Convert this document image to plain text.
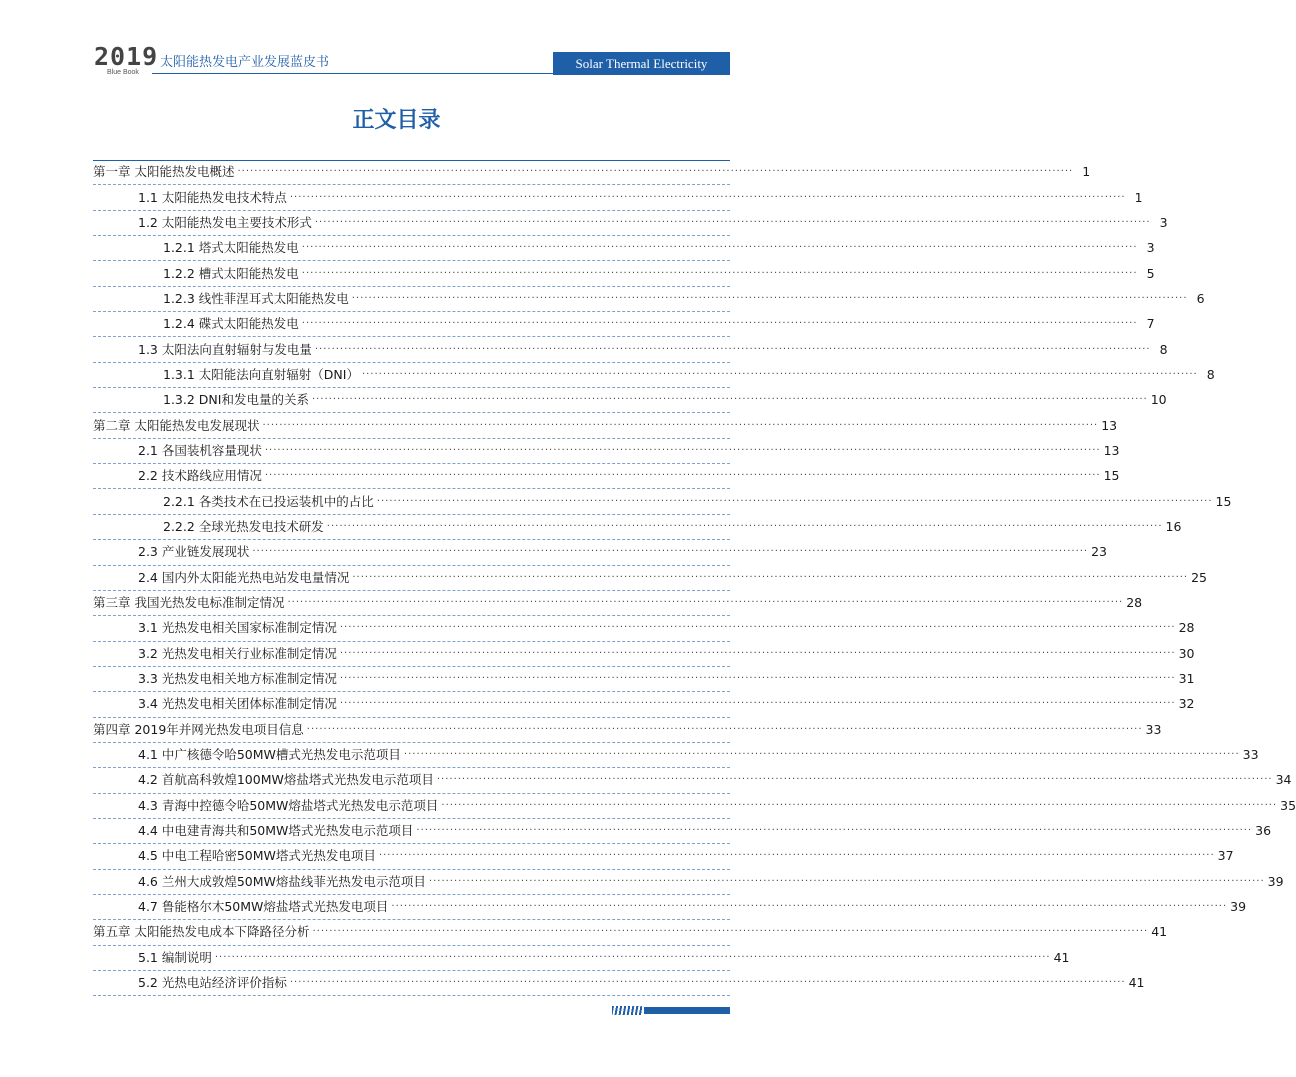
2019
Blue Book
太阳能热发电产业发展蓝皮书	Solar Thermal Electricity
正文目录
第一章 太阳能热发电概述 ········································································································································································································ 1
1.1 太阳能热发电技术特点 ········································································································································································································ 1
1.2 太阳能热发电主要技术形式 ········································································································································································································ 3
1.2.1 塔式太阳能热发电 ········································································································································································································ 3
1.2.2 槽式太阳能热发电 ········································································································································································································ 5
1.2.3 线性菲涅耳式太阳能热发电 ········································································································································································································ 6
1.2.4 碟式太阳能热发电 ········································································································································································································ 7
1.3 太阳法向直射辐射与发电量 ········································································································································································································ 8
1.3.1 太阳能法向直射辐射（DNI） ········································································································································································································ 8
1.3.2 DNI和发电量的关系 ········································································································································································································ 10
第二章 太阳能热发电发展现状 ········································································································································································································ 13
2.1 各国装机容量现状 ········································································································································································································ 13
2.2 技术路线应用情况 ········································································································································································································ 15
2.2.1 各类技术在已投运装机中的占比 ········································································································································································································ 15
2.2.2 全球光热发电技术研发 ········································································································································································································ 16
2.3 产业链发展现状 ········································································································································································································ 23
2.4 国内外太阳能光热电站发电量情况 ········································································································································································································ 25
第三章 我国光热发电标准制定情况 ········································································································································································································ 28
3.1 光热发电相关国家标准制定情况 ········································································································································································································ 28
3.2 光热发电相关行业标准制定情况 ········································································································································································································ 30
3.3 光热发电相关地方标准制定情况 ········································································································································································································ 31
3.4 光热发电相关团体标准制定情况 ········································································································································································································ 32
第四章 2019年并网光热发电项目信息 ········································································································································································································ 33
4.1 中广核德令哈50MW槽式光热发电示范项目 ········································································································································································································ 33
4.2 首航高科敦煌100MW熔盐塔式光热发电示范项目 ········································································································································································································ 34
4.3 青海中控德令哈50MW熔盐塔式光热发电示范项目 ········································································································································································································ 35
4.4 中电建青海共和50MW塔式光热发电示范项目 ········································································································································································································ 36
4.5 中电工程哈密50MW塔式光热发电项目 ········································································································································································································ 37
4.6 兰州大成敦煌50MW熔盐线菲光热发电示范项目 ········································································································································································································ 39
4.7 鲁能格尔木50MW熔盐塔式光热发电项目 ········································································································································································································ 39
第五章 太阳能热发电成本下降路径分析 ········································································································································································································ 41
5.1 编制说明 ········································································································································································································ 41
5.2 光热电站经济评价指标 ········································································································································································································ 41
